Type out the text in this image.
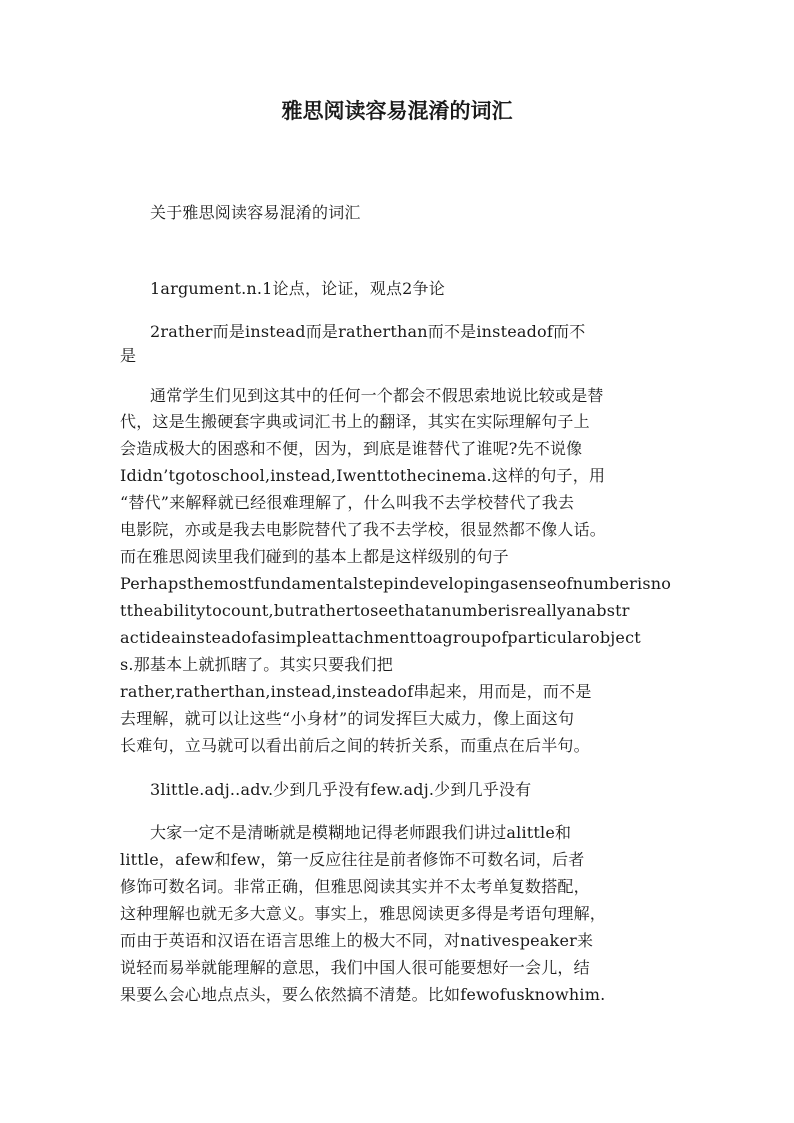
雅思阅读容易混淆的词汇
关于雅思阅读容易混淆的词汇
1argument.n.1论点，论证，观点2争论
2rather而是instead而是ratherthan而不是insteadof而不
是
通常学生们见到这其中的任何一个都会不假思索地说比较或是替
代，这是生搬硬套字典或词汇书上的翻译，其实在实际理解句子上
会造成极大的困惑和不便，因为，到底是谁替代了谁呢?先不说像
Ididn’tgotoschool,instead,Iwenttothecinema.这样的句子，用
“替代”来解释就已经很难理解了，什么叫我不去学校替代了我去
电影院，亦或是我去电影院替代了我不去学校，很显然都不像人话。
而在雅思阅读里我们碰到的基本上都是这样级别的句子
Perhapsthemostfundamentalstepindevelopingasenseofnumberisno
ttheabilitytocount,butrathertoseethatanumberisreallyanabstr
actideainsteadofasimpleattachmenttoagroupofparticularobject
s.那基本上就抓瞎了。其实只要我们把
rather,ratherthan,instead,insteadof串起来，用而是，而不是
去理解，就可以让这些“小身材”的词发挥巨大威力，像上面这句
长难句，立马就可以看出前后之间的转折关系，而重点在后半句。
3little.adj..adv.少到几乎没有few.adj.少到几乎没有
大家一定不是清晰就是模糊地记得老师跟我们讲过alittle和
little，afew和few，第一反应往往是前者修饰不可数名词，后者
修饰可数名词。非常正确，但雅思阅读其实并不太考单复数搭配，
这种理解也就无多大意义。事实上，雅思阅读更多得是考语句理解，
而由于英语和汉语在语言思维上的极大不同，对nativespeaker来
说轻而易举就能理解的意思，我们中国人很可能要想好一会儿，结
果要么会心地点点头，要么依然搞不清楚。比如fewofusknowhim.
